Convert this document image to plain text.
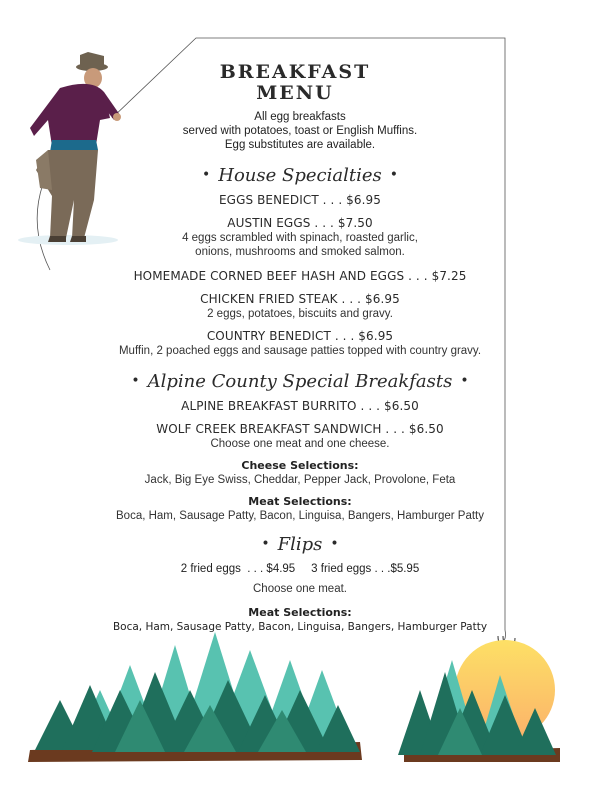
BREAKFAST
MENU
All egg breakfasts
served with potatoes, toast or English Muffins.
Egg substitutes are available.
• House Specialties •
EGGS BENEDICT . . . $6.95
AUSTIN EGGS . . . $7.50
4 eggs scrambled with spinach, roasted garlic,
onions, mushrooms and smoked salmon.
HOMEMADE CORNED BEEF HASH AND EGGS . . . $7.25
CHICKEN FRIED STEAK . . . $6.95
2 eggs, potatoes, biscuits and gravy.
COUNTRY BENEDICT . . . $6.95
Muffin, 2 poached eggs and sausage patties topped with country gravy.
• Alpine County Special Breakfasts •
ALPINE BREAKFAST BURRITO . . . $6.50
WOLF CREEK BREAKFAST SANDWICH . . . $6.50
Choose one meat and one cheese.
Cheese Selections:
Jack, Big Eye Swiss, Cheddar, Pepper Jack, Provolone, Feta
Meat Selections:
Boca, Ham, Sausage Patty, Bacon, Linguisa, Bangers, Hamburger Patty
• Flips •
2 fried eggs  . . . $4.95     3 fried eggs . . .$5.95
Choose one meat.
Meat Selections:
Boca, Ham, Sausage Patty, Bacon, Linguisa, Bangers, Hamburger Patty
